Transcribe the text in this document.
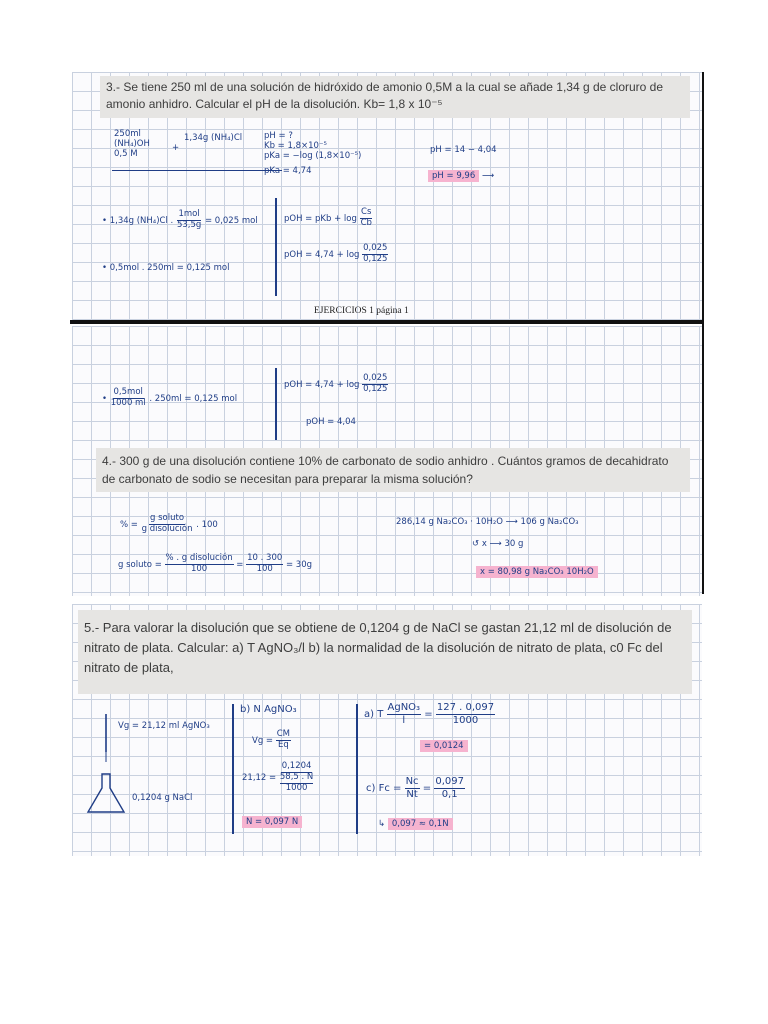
3.- Se tiene 250 ml de una solución de hidróxido de amonio 0,5M a la cual se añade 1,34 g de cloruro de amonio anhidro. Calcular el pH de la disolución. Kb= 1,8 x 10⁻⁵
250ml
(NH₄)OH
0,5 M
+
1,34g (NH₄)Cl	pH = ?
Kb = 1,8×10⁻⁵
pKa = −log (1,8×10⁻⁵)
pKa = 4,74
pH = 14 − 4,04
pH = 9,96 ⟶
• 1,34g (NH₄)Cl . $\frac{\text{1mol}}{53,5g} = 0,025$ mol
• 0,5mol . 250ml = 0,125 mol
pOH = pKb + $\log \frac{Cs}{Cb}$
pOH = $4,74 + \log \frac{0,025}{0,125}$
EJERCICIOS 1 página 1
• $\frac{\text{0,5mol}}{1000 ml}$ . 250ml = 0,125 mol
pOH = $4,74 + \log \frac{0,025}{0,125}$
pOH = 4,04
4.- 300 g de una disolución contiene 10% de carbonato de sodio anhidro . Cuántos gramos de decahidrato de carbonato de sodio se necesitan para preparar la misma solución?
% = $\frac{\text{g soluto}}{\text{g disolución}}$ . 100
g soluto = $\frac{\text{\% . g disolución}}{100} = \frac{10 . 300}{100} = 30g$
286,14 g Na₂CO₃ · 10H₂O ⟶ 106 g Na₂CO₃
↺ x ⟶ 30 g
x = 80,98 g Na₂CO₃ 10H₂O
5.- Para valorar la disolución que se obtiene de 0,1204 g de NaCl se gastan 21,12 ml de disolución de nitrato de plata. Calcular: a) T AgNO₃/l b) la normalidad de la disolución de nitrato de plata, c0 Fc del nitrato de plata,
Vg = 21,12 ml AgNO₃
0,1204 g NaCl
b) N AgNO₃
$Vg = \frac{CM}{Eq}$
21,12 = 0,1204
58,5 . N
1000
N = 0,097 N
a) T $\frac{\text{AgNO₃}}{l} = \frac{127 . 0,097}{1000}$
= 0,0124
c) $Fc = \frac{Nc}{Nt} = \frac{0,097}{0,1}$
↳ 0,097 ≈ 0,1N
